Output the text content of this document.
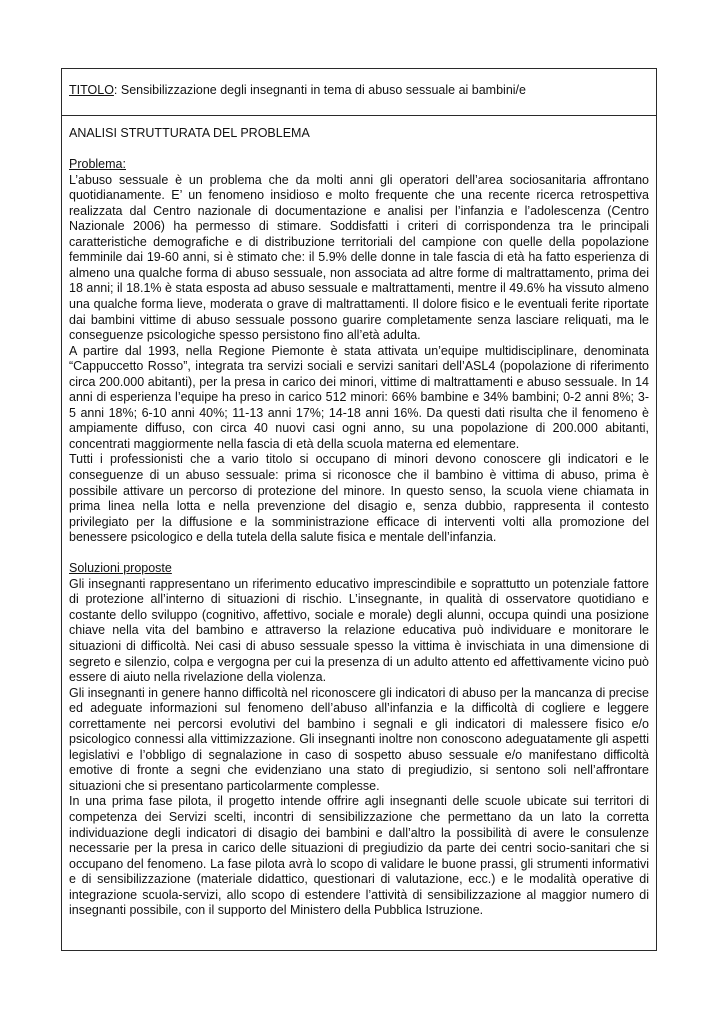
TITOLO: Sensibilizzazione degli insegnanti in tema di abuso sessuale ai bambini/e
ANALISI STRUTTURATA DEL PROBLEMA
Problema:

L’abuso sessuale è un problema che da molti anni gli operatori dell’area sociosanitaria affrontano quotidianamente. E’ un fenomeno insidioso e molto frequente che una recente ricerca retrospettiva realizzata dal Centro nazionale di documentazione e analisi per l’infanzia e l’adolescenza (Centro Nazionale 2006) ha permesso di stimare. Soddisfatti i criteri di corrispondenza tra le principali caratteristiche demografiche e di distribuzione territoriali del campione con quelle della popolazione femminile dai 19-60 anni, si è stimato che: il 5.9% delle donne in tale fascia di età ha fatto esperienza di almeno una qualche forma di abuso sessuale, non associata ad altre forme di maltrattamento, prima dei 18 anni; il 18.1% è stata esposta ad abuso sessuale e maltrattamenti, mentre il 49.6% ha vissuto almeno una qualche forma lieve, moderata o grave di maltrattamenti. Il dolore fisico e le eventuali ferite riportate dai bambini vittime di abuso sessuale possono guarire completamente senza lasciare reliquati, ma le conseguenze psicologiche spesso persistono fino all’età adulta.

A partire dal 1993, nella Regione Piemonte è stata attivata un’equipe multidisciplinare, denominata “Cappuccetto Rosso”, integrata tra servizi sociali e servizi sanitari dell’ASL4 (popolazione di riferimento circa 200.000 abitanti), per la presa in carico dei minori, vittime di maltrattamenti e abuso sessuale. In 14 anni di esperienza l’equipe ha preso in carico 512 minori: 66% bambine e 34% bambini; 0-2 anni 8%; 3-5 anni 18%; 6-10 anni 40%; 11-13 anni 17%; 14-18 anni 16%. Da questi dati risulta che il fenomeno è ampiamente diffuso, con circa 40 nuovi casi ogni anno, su una popolazione di 200.000 abitanti, concentrati maggiormente nella fascia di età della scuola materna ed elementare.

Tutti i professionisti che a vario titolo si occupano di minori devono conoscere gli indicatori e le conseguenze di un abuso sessuale: prima si riconosce che il bambino è vittima di abuso, prima è possibile attivare un percorso di protezione del minore. In questo senso, la scuola viene chiamata in prima linea nella lotta e nella prevenzione del disagio e, senza dubbio, rappresenta il contesto privilegiato per la diffusione e la somministrazione efficace di interventi volti alla promozione del benessere psicologico e della tutela della salute fisica e mentale dell’infanzia.

Soluzioni proposte

Gli insegnanti rappresentano un riferimento educativo imprescindibile e soprattutto un potenziale fattore di protezione all’interno di situazioni di rischio. L’insegnante, in qualità di osservatore quotidiano e costante dello sviluppo (cognitivo, affettivo, sociale e morale) degli alunni, occupa quindi una posizione chiave nella vita del bambino e attraverso la relazione educativa può individuare e monitorare le situazioni di difficoltà. Nei casi di abuso sessuale spesso la vittima è invischiata in una dimensione di segreto e silenzio, colpa e vergogna per cui la presenza di un adulto attento ed affettivamente vicino può essere di aiuto nella rivelazione della violenza.

Gli insegnanti in genere hanno difficoltà nel riconoscere gli indicatori di abuso per la mancanza di precise ed adeguate informazioni sul fenomeno dell’abuso all’infanzia e la difficoltà di cogliere e leggere correttamente nei percorsi evolutivi del bambino i segnali e gli indicatori di malessere fisico e/o psicologico connessi alla vittimizzazione. Gli insegnanti inoltre non conoscono adeguatamente gli aspetti legislativi e l’obbligo di segnalazione in caso di sospetto abuso sessuale e/o manifestano difficoltà emotive di fronte a segni che evidenziano una stato di pregiudizio, si sentono soli nell’affrontare situazioni che si presentano particolarmente complesse.

In una prima fase pilota, il progetto intende offrire agli insegnanti delle scuole ubicate sui territori di competenza dei Servizi scelti, incontri di sensibilizzazione che permettano da un lato la corretta individuazione degli indicatori di disagio dei bambini e dall’altro la possibilità di avere le consulenze necessarie per la presa in carico delle situazioni di pregiudizio da parte dei centri socio-sanitari che si occupano del fenomeno. La fase pilota avrà lo scopo di validare le buone prassi, gli strumenti informativi e di sensibilizzazione (materiale didattico, questionari di valutazione, ecc.) e le modalità operative di integrazione scuola-servizi, allo scopo di estendere l’attività di sensibilizzazione al maggior numero di insegnanti possibile, con il supporto del Ministero della Pubblica Istruzione.
